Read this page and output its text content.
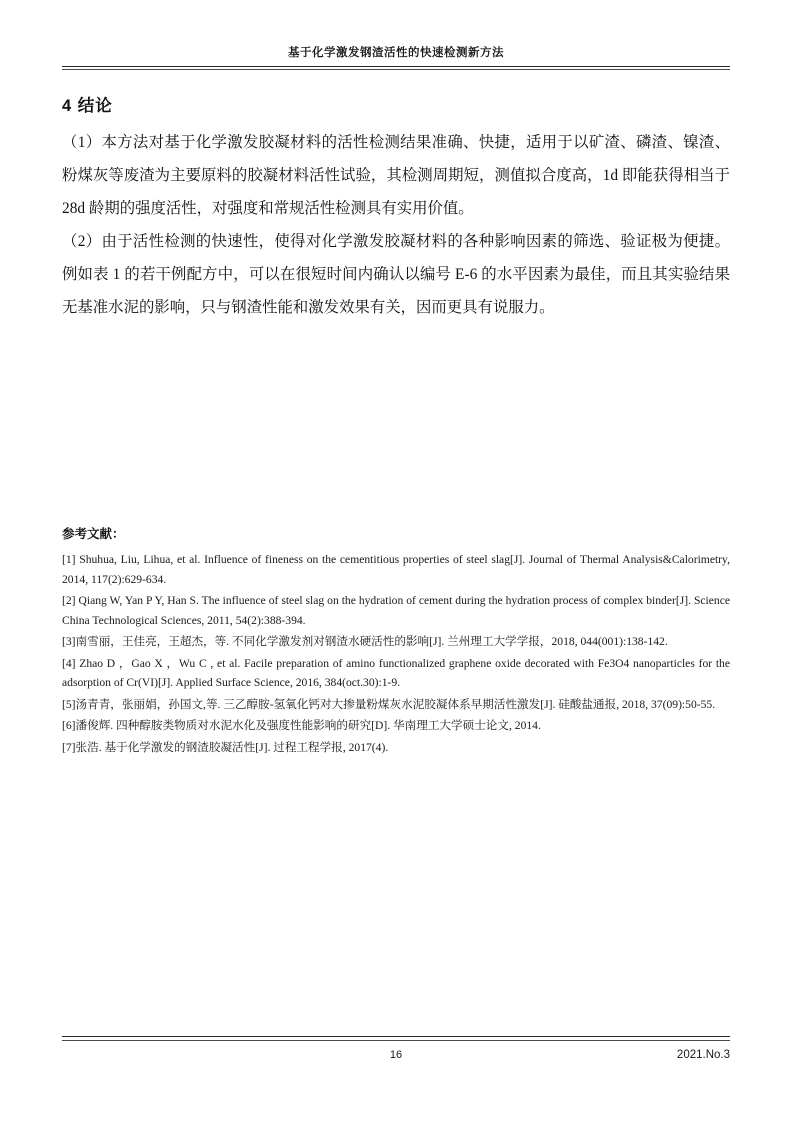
基于化学激发钢渣活性的快速检测新方法
4 结论

（1）本方法对基于化学激发胶凝材料的活性检测结果准确、快捷，适用于以矿渣、磷渣、镍渣、粉煤灰等废渣为主要原料的胶凝材料活性试验，其检测周期短，测值拟合度高，1d 即能获得相当于 28d 龄期的强度活性，对强度和常规活性检测具有实用价值。

（2）由于活性检测的快速性，使得对化学激发胶凝材料的各种影响因素的筛选、验证极为便捷。例如表 1 的若干例配方中，可以在很短时间内确认以编号 E-6 的水平因素为最佳，而且其实验结果无基准水泥的影响，只与钢渣性能和激发效果有关，因而更具有说服力。

参考文献：

[1] Shuhua, Liu, Lihua, et al. Influence of fineness on the cementitious properties of steel slag[J]. Journal of Thermal Analysis&Calorimetry, 2014, 117(2):629-634.

[2] Qiang W, Yan P Y, Han S. The influence of steel slag on the hydration of cement during the hydration process of complex binder[J]. Science China Technological Sciences, 2011, 54(2):388-394.

[3]南雪丽，王佳亮，王超杰，等. 不同化学激发剂对钢渣水硬活性的影响[J]. 兰州理工大学学报，2018, 044(001):138-142.

[4] Zhao D ，Gao X ，Wu C , et al. Facile preparation of amino functionalized graphene oxide decorated with Fe3O4 nanoparticles for the adsorption of Cr(VI)[J]. Applied Surface Science, 2016, 384(oct.30):1-9.

[5]汤青青，张丽娟，孙国文,等. 三乙醇胺-氢氧化钙对大掺量粉煤灰水泥胶凝体系早期活性激发[J]. 硅酸盐通报, 2018, 37(09):50-55.

[6]潘俊辉. 四种醇胺类物质对水泥水化及强度性能影响的研究[D]. 华南理工大学硕士论文, 2014.

[7]张浩. 基于化学激发的钢渣胶凝活性[J]. 过程工程学报, 2017(4).

16	2021.No.3
